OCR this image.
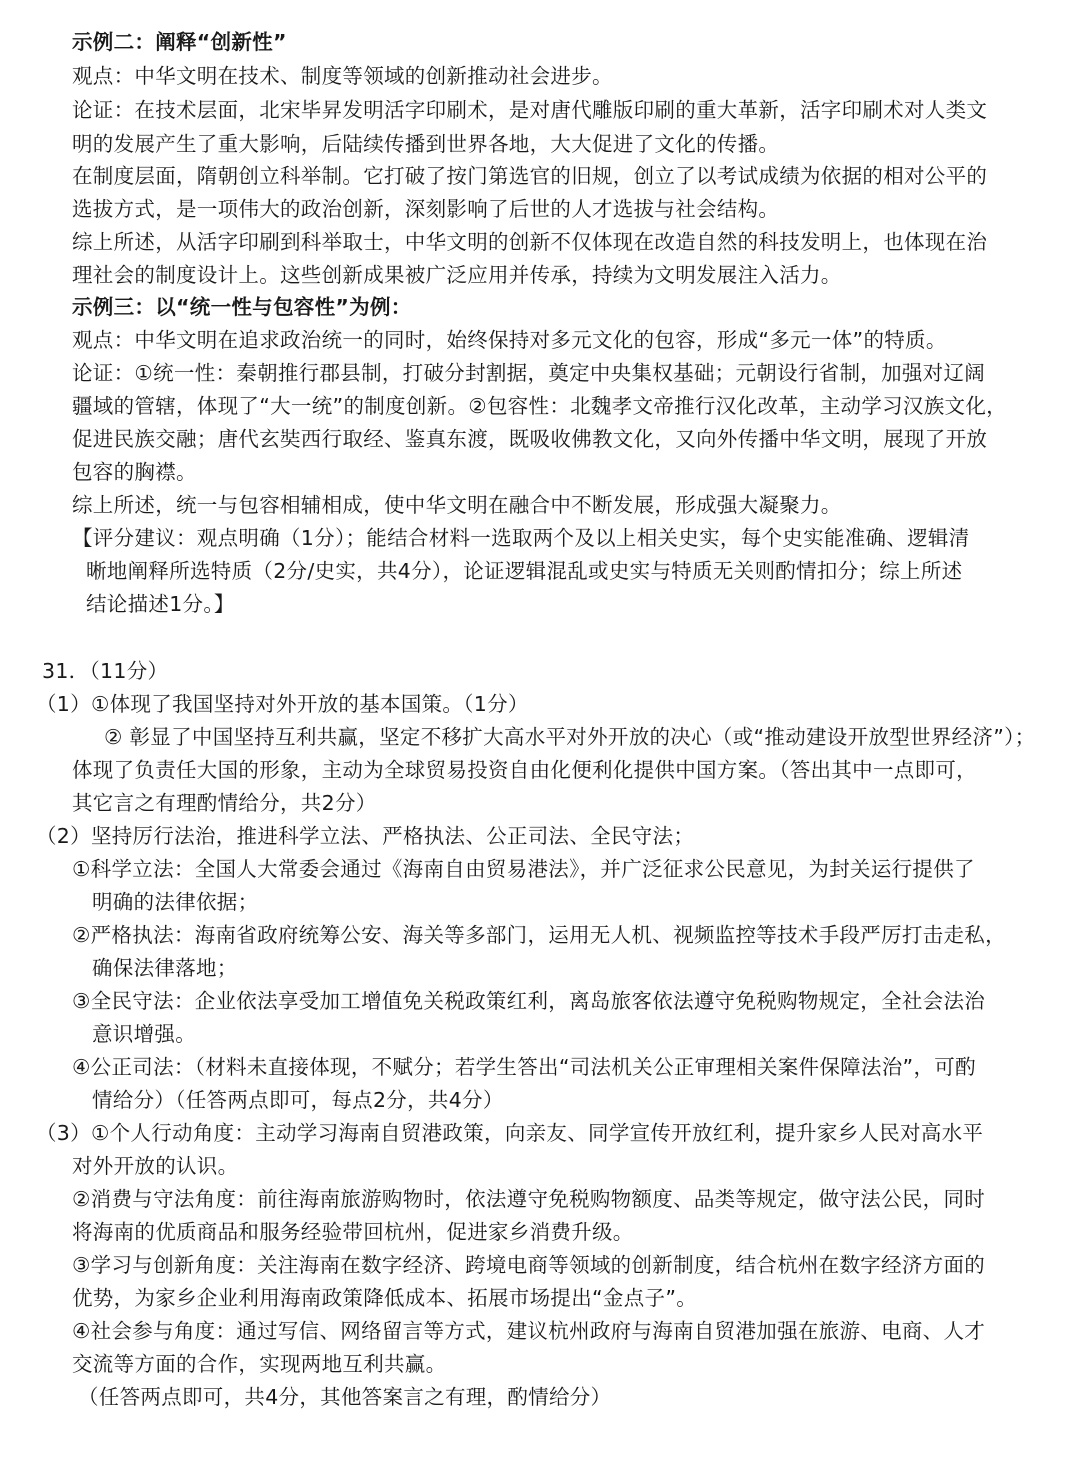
示例二：阐释“创新性”
观点：中华文明在技术、制度等领域的创新推动社会进步。
论证：在技术层面，北宋毕昇发明活字印刷术，是对唐代雕版印刷的重大革新，活字印刷术对人类文
明的发展产生了重大影响，后陆续传播到世界各地，大大促进了文化的传播。
在制度层面，隋朝创立科举制。它打破了按门第选官的旧规，创立了以考试成绩为依据的相对公平的
选拔方式，是一项伟大的政治创新，深刻影响了后世的人才选拔与社会结构。
综上所述，从活字印刷到科举取士，中华文明的创新不仅体现在改造自然的科技发明上，也体现在治
理社会的制度设计上。这些创新成果被广泛应用并传承，持续为文明发展注入活力。
示例三：以“统一性与包容性”为例：
观点：中华文明在追求政治统一的同时，始终保持对多元文化的包容，形成“多元一体”的特质。
论证：①统一性：秦朝推行郡县制，打破分封割据，奠定中央集权基础；元朝设行省制，加强对辽阔
疆域的管辖，体现了“大一统”的制度创新。②包容性：北魏孝文帝推行汉化改革，主动学习汉族文化，
促进民族交融；唐代玄奘西行取经、鉴真东渡，既吸收佛教文化，又向外传播中华文明，展现了开放
包容的胸襟。
综上所述，统一与包容相辅相成，使中华文明在融合中不断发展，形成强大凝聚力。
【评分建议：观点明确（1分）；能结合材料一选取两个及以上相关史实，每个史实能准确、逻辑清
晰地阐释所选特质（2分/史实，共4分），论证逻辑混乱或史实与特质无关则酌情扣分；综上所述
结论描述1分。】
31．（11分）
（1）①体现了我国坚持对外开放的基本国策。（1分）
② 彰显了中国坚持互利共赢，坚定不移扩大高水平对外开放的决心（或“推动建设开放型世界经济”）；
体现了负责任大国的形象，主动为全球贸易投资自由化便利化提供中国方案。（答出其中一点即可，
其它言之有理酌情给分，共2分）
（2）坚持厉行法治，推进科学立法、严格执法、公正司法、全民守法；
①科学立法：全国人大常委会通过《海南自由贸易港法》，并广泛征求公民意见，为封关运行提供了
明确的法律依据；
②严格执法：海南省政府统筹公安、海关等多部门，运用无人机、视频监控等技术手段严厉打击走私，
确保法律落地；
③全民守法：企业依法享受加工增值免关税政策红利，离岛旅客依法遵守免税购物规定，全社会法治
意识增强。
④公正司法：（材料未直接体现，不赋分；若学生答出“司法机关公正审理相关案件保障法治”，可酌
情给分）（任答两点即可，每点2分，共4分）
（3）①个人行动角度：主动学习海南自贸港政策，向亲友、同学宣传开放红利，提升家乡人民对高水平
对外开放的认识。
②消费与守法角度：前往海南旅游购物时，依法遵守免税购物额度、品类等规定，做守法公民，同时
将海南的优质商品和服务经验带回杭州，促进家乡消费升级。
③学习与创新角度：关注海南在数字经济、跨境电商等领域的创新制度，结合杭州在数字经济方面的
优势，为家乡企业利用海南政策降低成本、拓展市场提出“金点子”。
④社会参与角度：通过写信、网络留言等方式，建议杭州政府与海南自贸港加强在旅游、电商、人才
交流等方面的合作，实现两地互利共赢。
（任答两点即可，共4分，其他答案言之有理，酌情给分）
